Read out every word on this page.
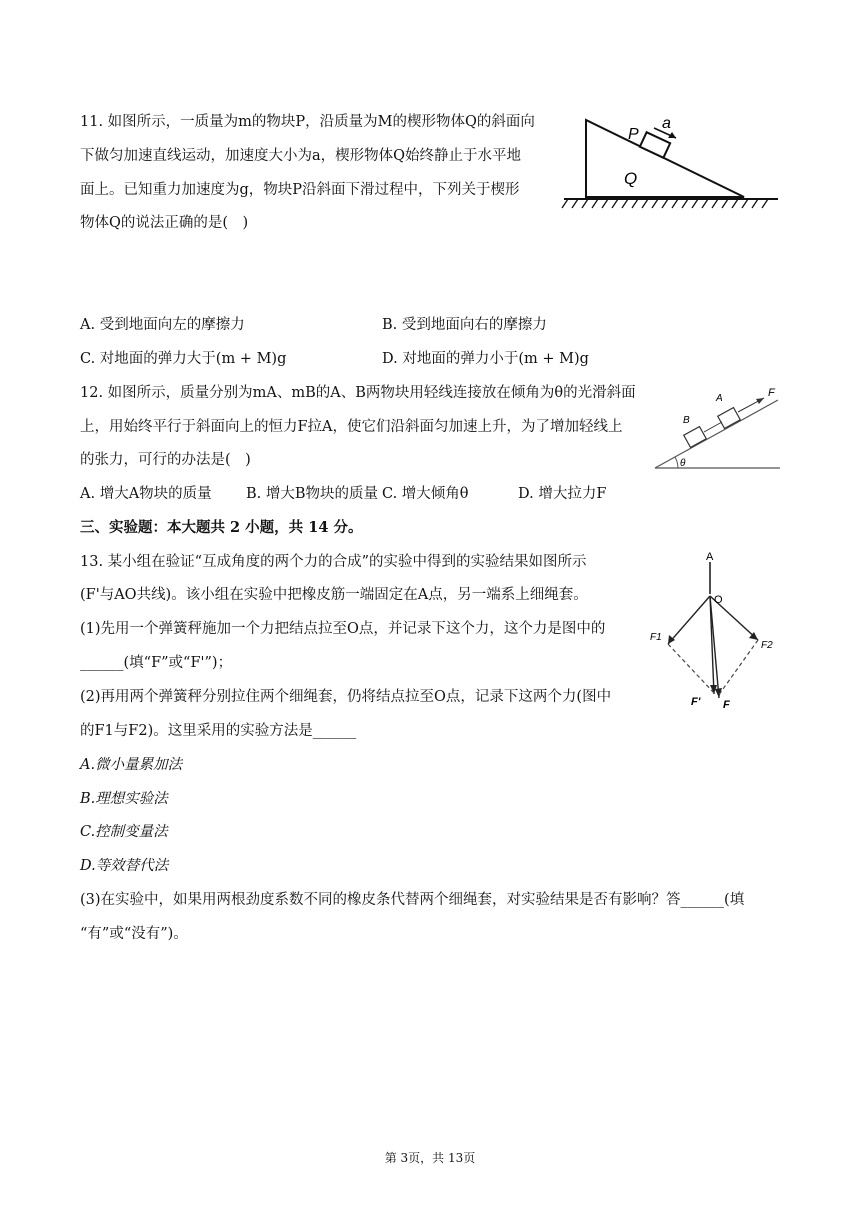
11. 如图所示，一质量为m的物块P，沿质量为M的楔形物体Q的斜面向
下做匀加速直线运动，加速度大小为a，楔形物体Q始终静止于水平地
面上。已知重力加速度为g，物块P沿斜面下滑过程中，下列关于楔形
物体Q的说法正确的是(　)
P
a
Q
A. 受到地面向左的摩擦力	B. 受到地面向右的摩擦力
C. 对地面的弹力大于(m + M)g	D. 对地面的弹力小于(m + M)g
12. 如图所示，质量分别为mA、mB的A、B两物块用轻线连接放在倾角为θ的光滑斜面
上，用始终平行于斜面向上的恒力F拉A，使它们沿斜面匀加速上升，为了增加轻线上
的张力，可行的办法是(　)
B
A	F
θ
A. 增大A物块的质量 B. 增大B物块的质量 C. 增大倾角θ	D. 增大拉力F
三、实验题：本大题共 2 小题，共 14 分。
13. 某小组在验证“互成角度的两个力的合成”的实验中得到的实验结果如图所示
(F'与AO共线)。该小组在实验中把橡皮筋一端固定在A点，另一端系上细绳套。
(1)先用一个弹簧秤施加一个力把结点拉至O点，并记录下这个力，这个力是图中的
______(填“F”或“F'”)；
(2)再用两个弹簧秤分别拉住两个细绳套，仍将结点拉至O点，记录下这两个力(图中
的F1与F2)。这里采用的实验方法是______
A
O
F1
F2
F' F
A.微小量累加法
B.理想实验法
C.控制变量法
D.等效替代法
(3)在实验中，如果用两根劲度系数不同的橡皮条代替两个细绳套，对实验结果是否有影响？答______(填
“有”或“没有”)。
第 3页，共 13页
